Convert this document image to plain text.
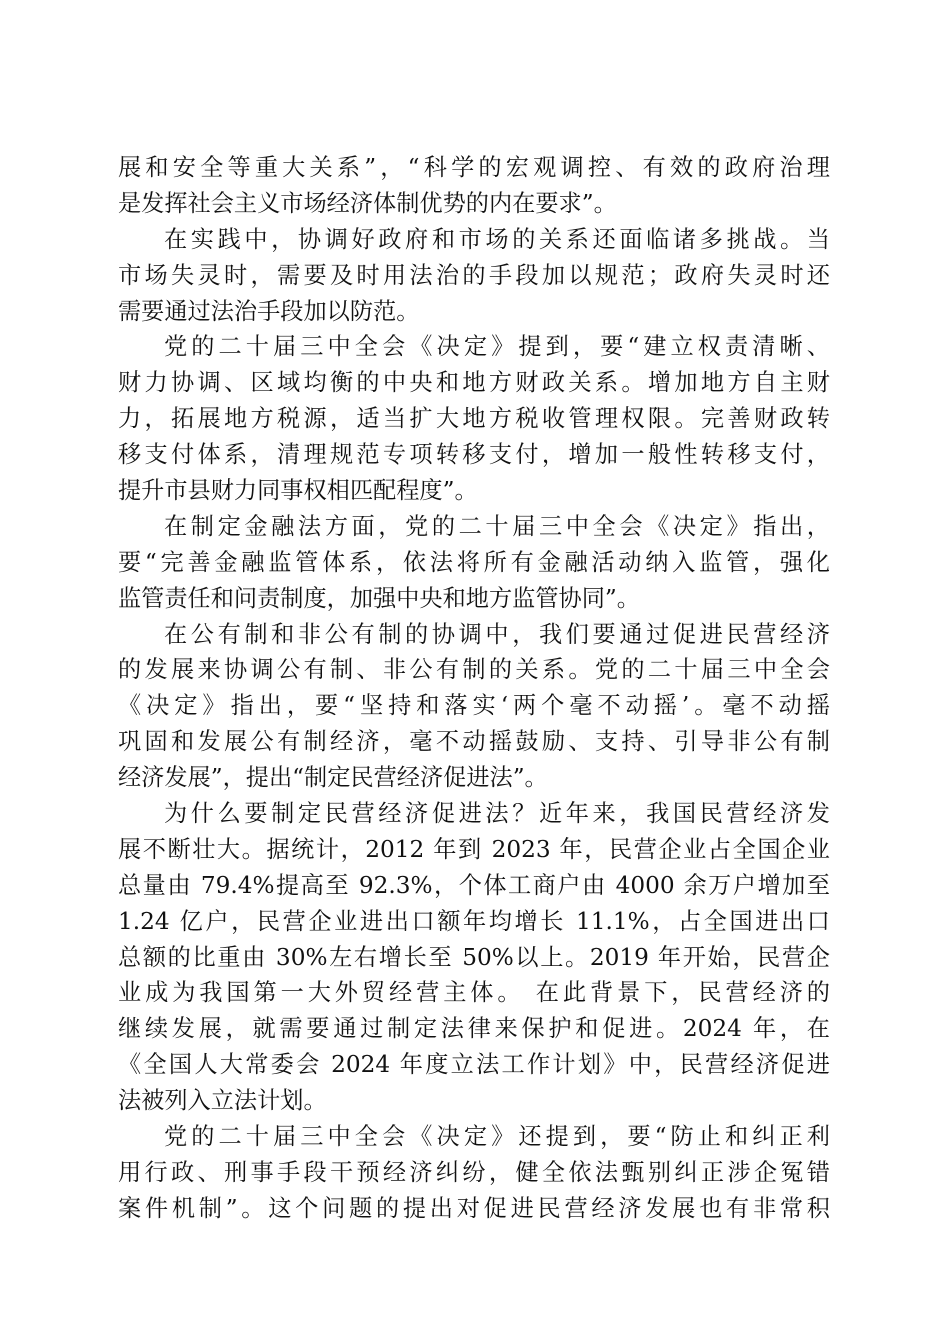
展和安全等重大关系”，“科学的宏观调控、有效的政府治理
是发挥社会主义市场经济体制优势的内在要求”。
在实践中，协调好政府和市场的关系还面临诸多挑战。当
市场失灵时，需要及时用法治的手段加以规范；政府失灵时还
需要通过法治手段加以防范。
党的二十届三中全会《决定》提到，要“建立权责清晰、
财力协调、区域均衡的中央和地方财政关系。增加地方自主财
力，拓展地方税源，适当扩大地方税收管理权限。完善财政转
移支付体系，清理规范专项转移支付，增加一般性转移支付，
提升市县财力同事权相匹配程度”。
在制定金融法方面，党的二十届三中全会《决定》指出，
要“完善金融监管体系，依法将所有金融活动纳入监管，强化
监管责任和问责制度，加强中央和地方监管协同”。
在公有制和非公有制的协调中，我们要通过促进民营经济
的发展来协调公有制、非公有制的关系。党的二十届三中全会
《决定》指出，要“坚持和落实‘两个毫不动摇’。毫不动摇
巩固和发展公有制经济，毫不动摇鼓励、支持、引导非公有制
经济发展”，提出“制定民营经济促进法”。
为什么要制定民营经济促进法？近年来，我国民营经济发
展不断壮大。据统计，2012 年到 2023 年，民营企业占全国企业
总量由 79.4%提高至 92.3%，个体工商户由 4000 余万户增加至
1.24 亿户，民营企业进出口额年均增长 11.1%，占全国进出口
总额的比重由 30%左右增长至 50%以上。2019 年开始，民营企
业成为我国第一大外贸经营主体。 在此背景下，民营经济的
继续发展，就需要通过制定法律来保护和促进。2024 年，在
《全国人大常委会 2024 年度立法工作计划》中，民营经济促进
法被列入立法计划。
党的二十届三中全会《决定》还提到，要“防止和纠正利
用行政、刑事手段干预经济纠纷，健全依法甄别纠正涉企冤错
案件机制”。这个问题的提出对促进民营经济发展也有非常积
